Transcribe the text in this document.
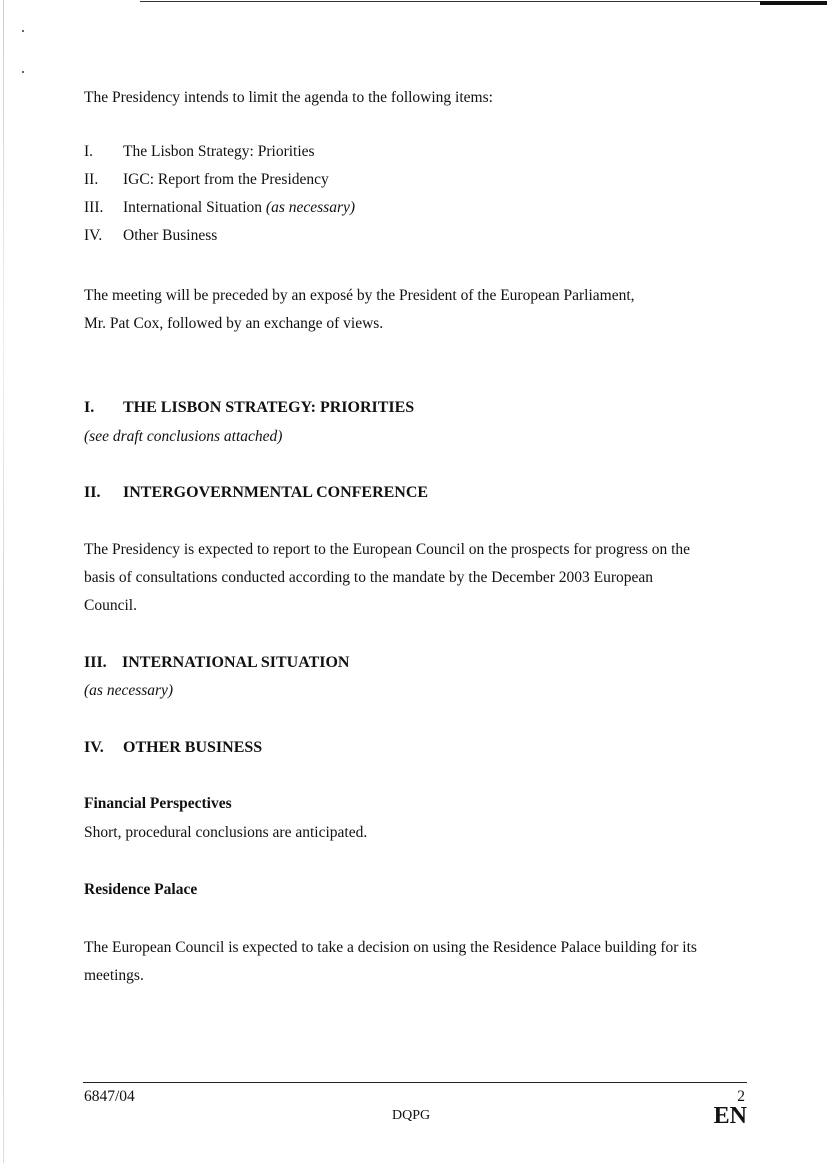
The Presidency intends to limit the agenda to the following items:
I. The Lisbon Strategy: Priorities
II. IGC: Report from the Presidency
III. International Situation (as necessary)
IV. Other Business
The meeting will be preceded by an exposé by the President of the European Parliament,
Mr. Pat Cox, followed by an exchange of views.
I. THE LISBON STRATEGY: PRIORITIES
(see draft conclusions attached)
II. INTERGOVERNMENTAL CONFERENCE
The Presidency is expected to report to the European Council on the prospects for progress on the
basis of consultations conducted according to the mandate by the December 2003 European
Council.
III. INTERNATIONAL SITUATION
(as necessary)
IV. OTHER BUSINESS
Financial Perspectives
Short, procedural conclusions are anticipated.
Residence Palace
The European Council is expected to take a decision on using the Residence Palace building for its
meetings.
6847/04	2
DQPG	EN
